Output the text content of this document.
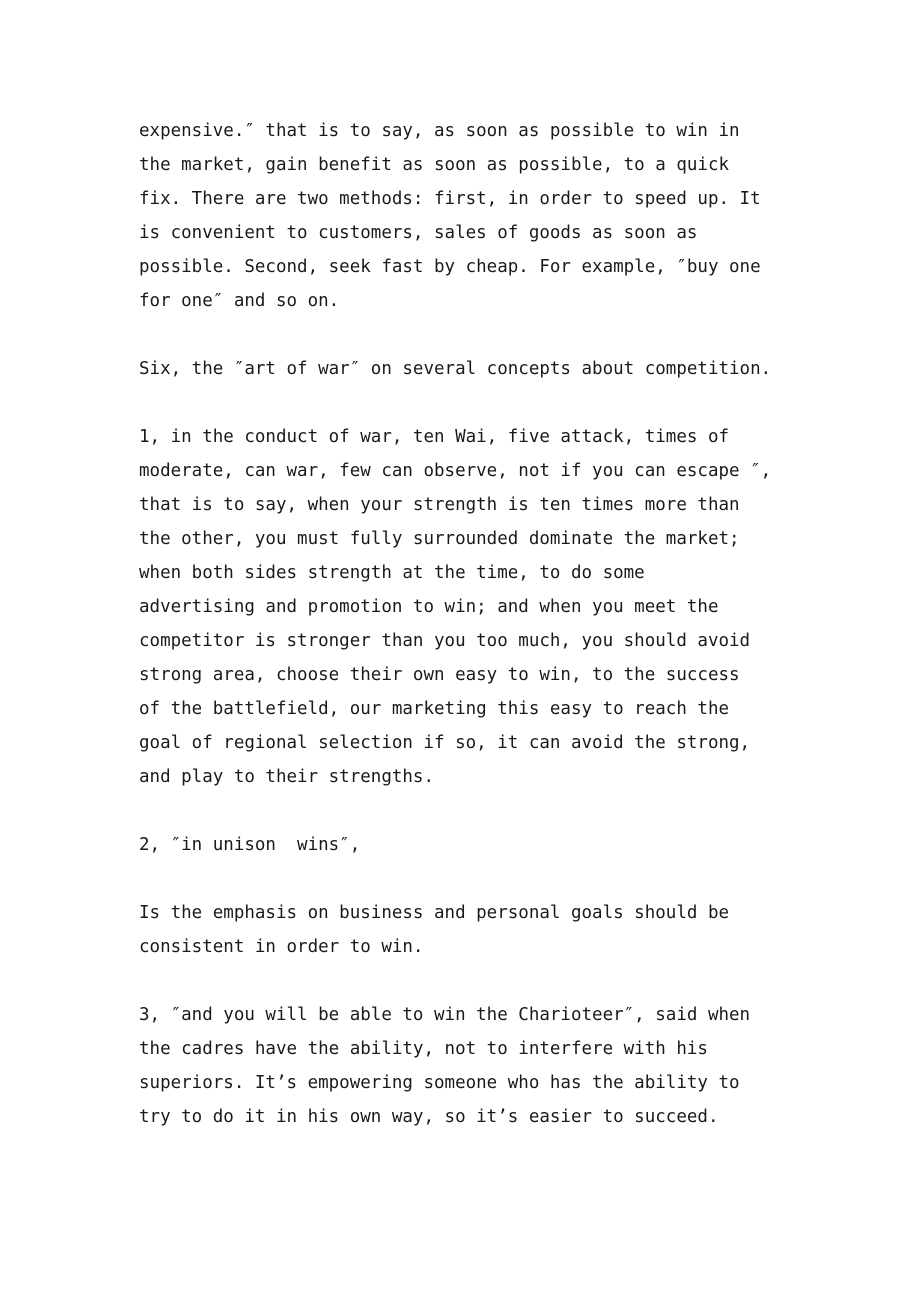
expensive.″ that is to say, as soon as possible to win in
the market, gain benefit as soon as possible, to a quick
fix. There are two methods: first, in order to speed up. It
is convenient to customers, sales of goods as soon as
possible. Second, seek fast by cheap. For example, ″buy one
for one″ and so on.
Six, the ″art of war″ on several concepts about competition.
1, in the conduct of war, ten Wai, five attack, times of
moderate, can war, few can observe, not if you can escape ″,
that is to say, when your strength is ten times more than
the other, you must fully surrounded dominate the market;
when both sides strength at the time, to do some
advertising and promotion to win; and when you meet the
competitor is stronger than you too much, you should avoid
strong area, choose their own easy to win, to the success
of the battlefield, our marketing this easy to reach the
goal of regional selection if so, it can avoid the strong,
and play to their strengths.
2, ″in unison  wins″,
Is the emphasis on business and personal goals should be
consistent in order to win.
3, ″and you will be able to win the Charioteer″, said when
the cadres have the ability, not to interfere with his
superiors. It’s empowering someone who has the ability to
try to do it in his own way, so it’s easier to succeed.
